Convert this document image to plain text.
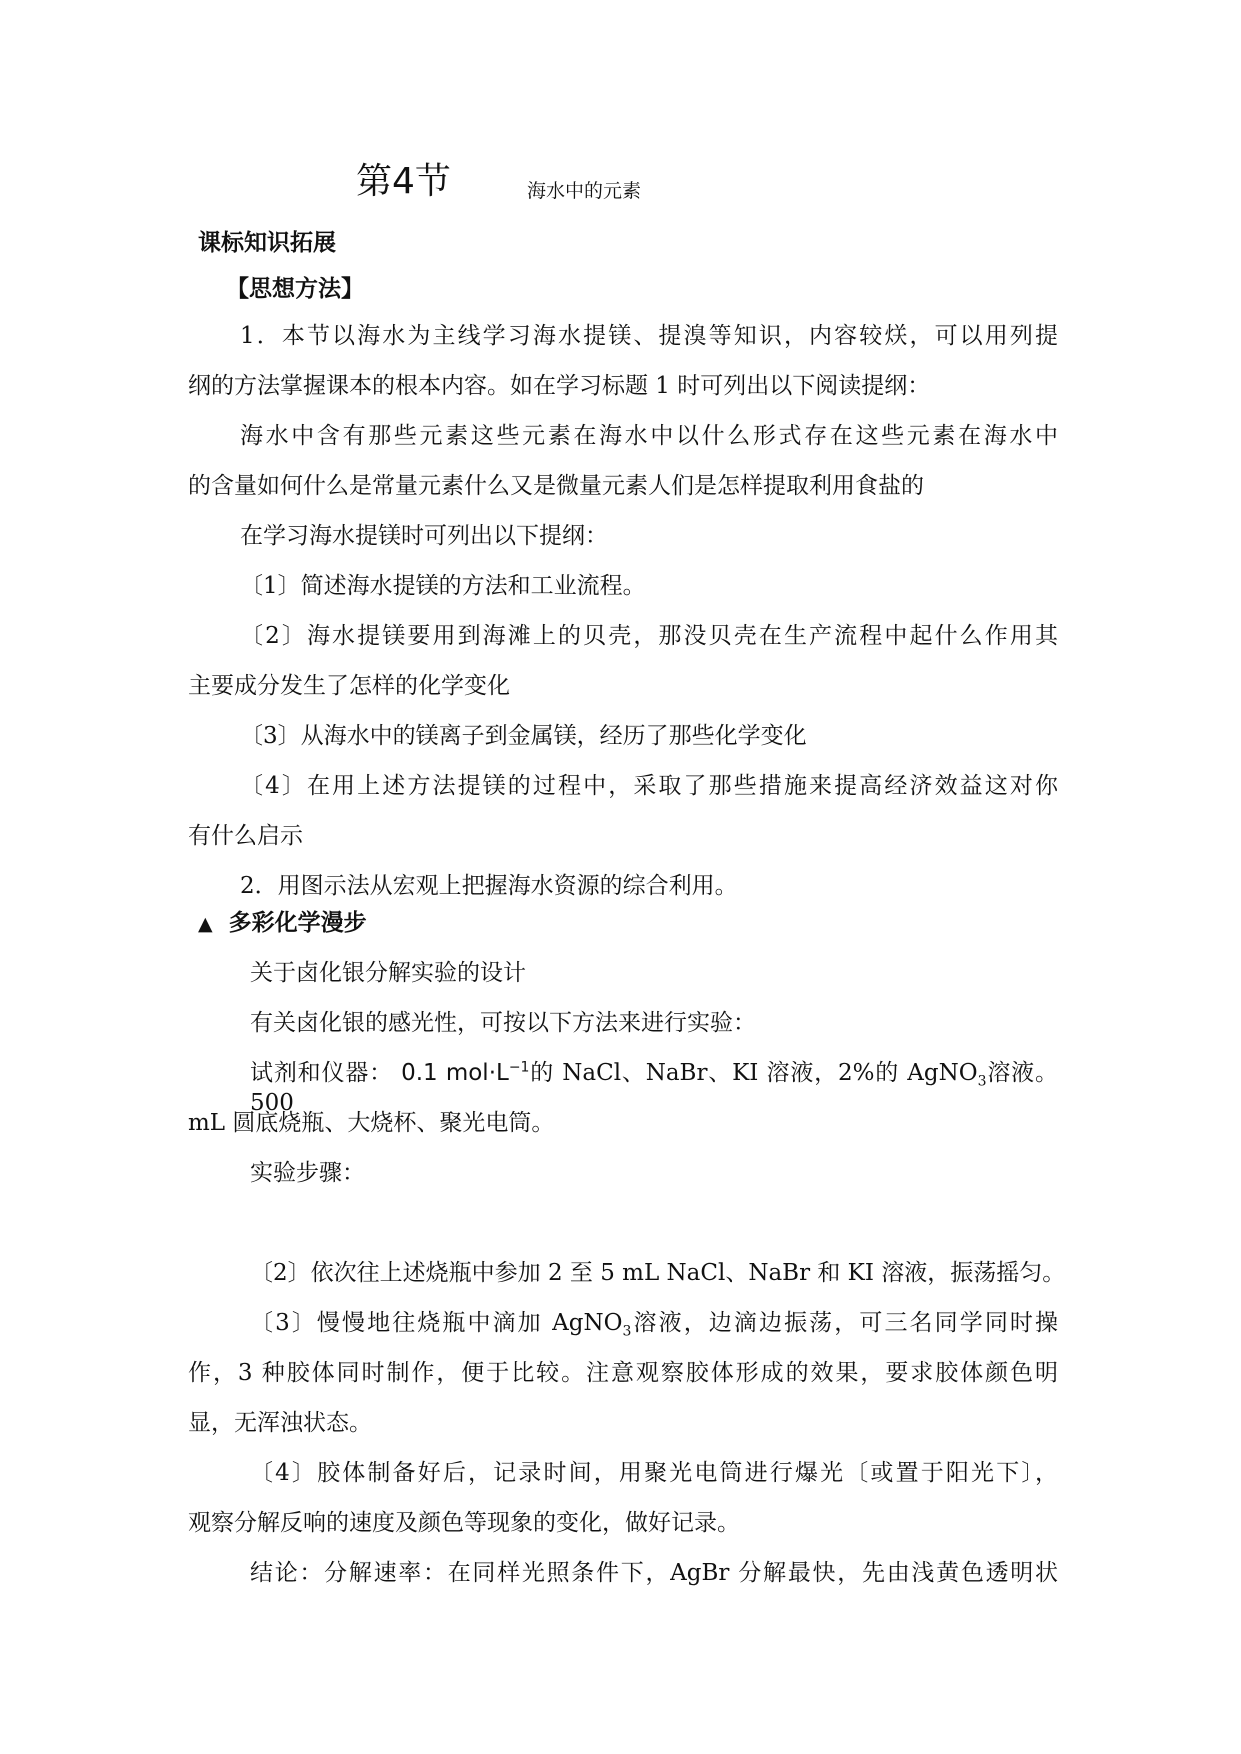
第4节	海水中的元素
课标知识拓展
【思想方法】
1．本节以海水为主线学习海水提镁、提溴等知识，内容较烪，可以用列提
纲的方法掌握课本的根本内容。如在学习标题 1 时可列出以下阅读提纲：
海水中含有那些元素这些元素在海水中以什么形式存在这些元素在海水中
的含量如何什么是常量元素什么又是微量元素人们是怎样提取利用食盐的
在学习海水提镁时可列出以下提纲：
〔1〕简述海水提镁的方法和工业流程。
〔2〕海水提镁要用到海滩上的贝壳，那没贝壳在生产流程中起什么作用其
主要成分发生了怎样的化学变化
〔3〕从海水中的镁离子到金属镁，经历了那些化学变化
〔4〕在用上述方法提镁的过程中，采取了那些措施来提高经济效益这对你
有什么启示
2．用图示法从宏观上把握海水资源的综合利用。
▲ 多彩化学漫步
关于卤化银分解实验的设计
有关卤化银的感光性，可按以下方法来进行实验：
试剂和仪器： 0.1 $mol\cdot L^{-1}$的 NaCl、NaBr、KI 溶液，2%的 AgNO$_3$溶液。500
mL 圆底烧瓶、大烧杯、聚光电筒。
实验步骤：
〔2〕依次往上述烧瓶中参加 2 至 5 mL NaCl、NaBr 和 KI 溶液，振荡摇匀。
〔3〕慢慢地往烧瓶中滴加 AgNO$_3$溶液，边滴边振荡，可三名同学同时操
作，3 种胶体同时制作，便于比较。注意观察胶体形成的效果，要求胶体颜色明
显，无浑浊状态。
〔4〕胶体制备好后，记录时间，用聚光电筒进行爆光〔或置于阳光下〕，
观察分解反响的速度及颜色等现象的变化，做好记录。
结论：分解速率：在同样光照条件下，AgBr 分解最快，先由浅黄色透明状
